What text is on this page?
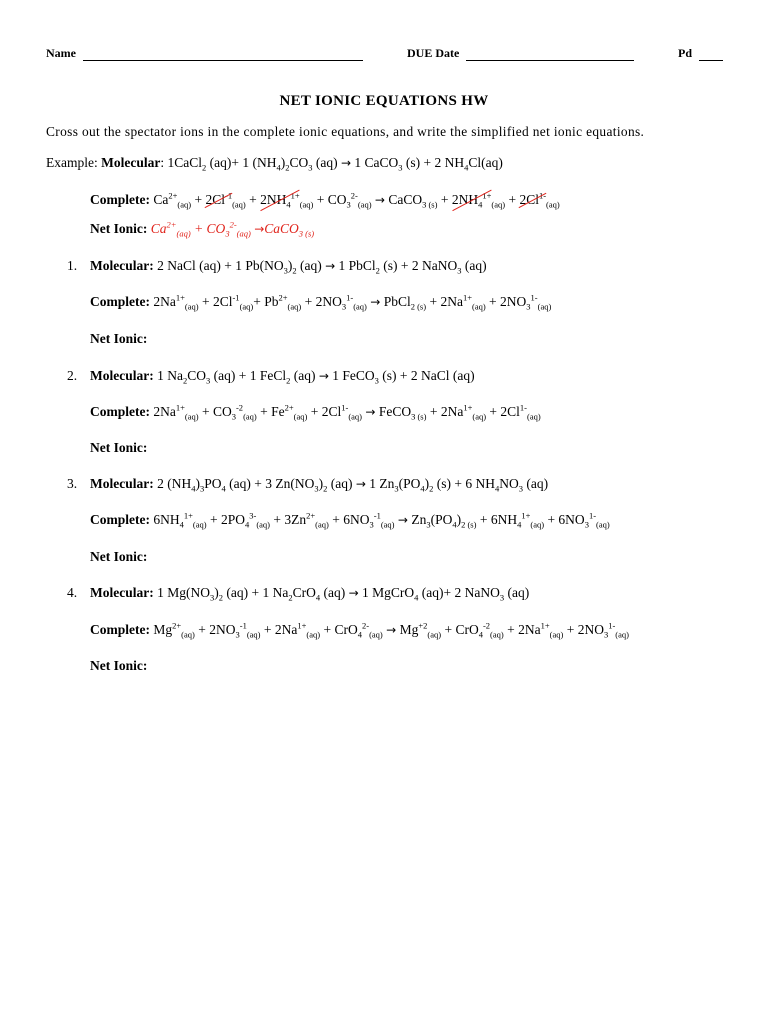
Name	DUE Date	Pd
NET IONIC EQUATIONS HW
Cross out the spectator ions in the complete ionic equations, and write the simplified net ionic equations.
Example: Molecular: 1CaCl$_2$ (aq)+ 1 $(NH_4)_2CO_3$ (aq) → 1 CaCO$_3$ (s) + 2 $NH_4Cl(aq)$
Complete: $Ca^{2+}_{(aq)} + 2Cl^{-1}_{(aq)} + 2NH_4^{1+}_{(aq)} + CO_3^{2-}_{(aq)}$ → CaCO$_{3 (s)}$ + $2NH_4^{1+}_{(aq)} + 2Cl^{1-}_{(aq)}$
Net Ionic: $Ca^{2+}_{(aq)} + CO_3^{2-}_{(aq)}$ →CaCO$_{3 (s)}$
1. Molecular: 2 NaCl (aq) + 1 $Pb(NO_3)_2$ (aq) → 1 PbCl$_2$ (s) + 2 NaNO$_3$ (aq)
Complete: $2Na^{1+}_{(aq)} + 2Cl^{-1}_{(aq)}+ Pb^{2+}_{(aq)} + 2NO_3^{1-}_{(aq)}$ → PbCl$_{2 (s)}$ + $2Na^{1+}_{(aq)} + 2NO_3^{1-}_{(aq)}$
Net Ionic:
2. Molecular: 1 $Na_2CO_3$ (aq) + 1 FeCl$_2$ (aq) → 1 FeCO$_3$ (s) + 2 NaCl (aq)
Complete: $2Na^{1+}_{(aq)} + CO_3^{-2}_{(aq)} + Fe^{2+}_{(aq)} + 2Cl^{1-}_{(aq)}$ → FeCO$_{3 (s)}$ + $2Na^{1+}_{(aq)} + 2Cl^{1-}_{(aq)}$
Net Ionic:
3. Molecular: 2 $(NH_4)_3PO_4$ (aq) + 3 $Zn(NO_3)_2$ (aq) → 1 $Zn_3(PO_4)_2$ (s) + 6 $NH_4NO_3$ (aq)
Complete: $6NH_4^{1+}_{(aq)} + 2PO_4^{3-}_{(aq)} + 3Zn^{2+}_{(aq)} + 6NO_3^{-1}_{(aq)} \to Zn_3(PO_4)_{2 (s)} + 6NH_4^{1+}_{(aq)} + 6NO_3^{1-}_{(aq)}$
Net Ionic:
4. Molecular: 1 $Mg(NO_3)_2$ (aq) + 1 $Na_2CrO_4$ (aq) → 1 MgCrO$_4$ (aq)+ 2 NaNO$_3$ (aq)
Complete: $Mg^{2+}_{(aq)} + 2NO_3^{-1}_{(aq)} + 2Na^{1+}_{(aq)} + CrO_4^{2-}_{(aq)} \to Mg^{+2}_{(aq)} + CrO_4^{-2}_{(aq)} + 2Na^{1+}_{(aq)} + 2NO_3^{1-}_{(aq)}$
Net Ionic:
